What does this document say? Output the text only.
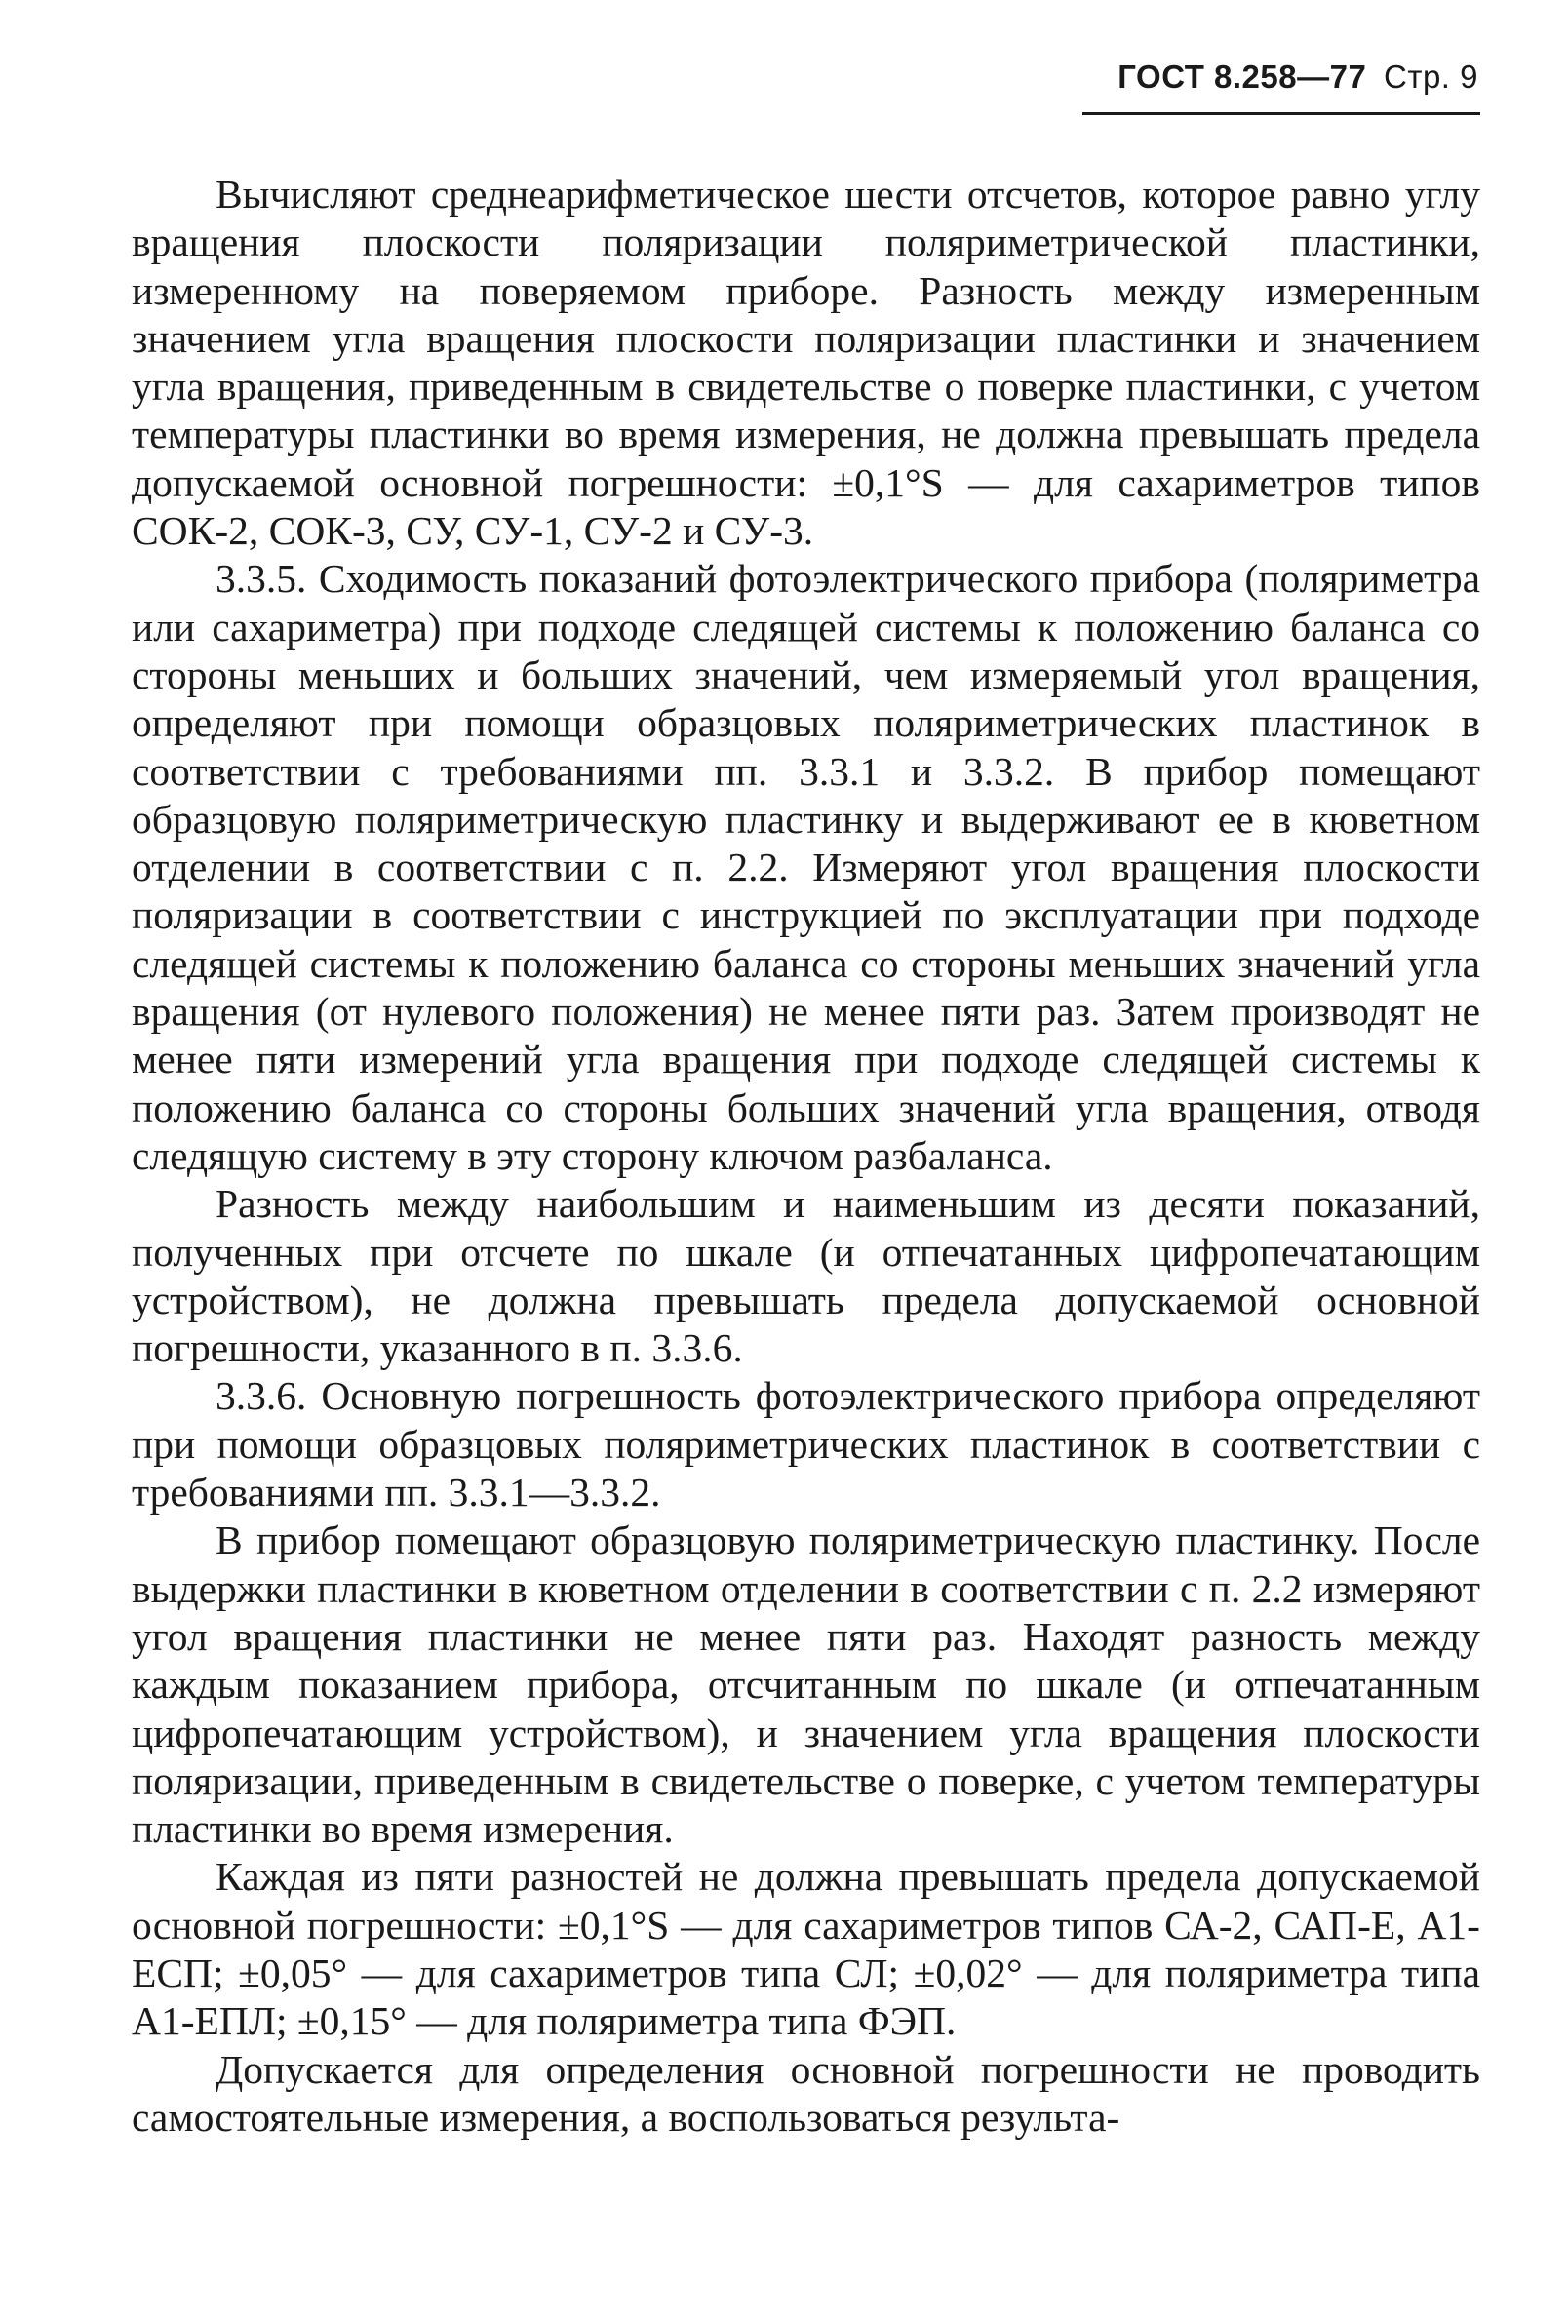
ГОСТ 8.258—77 Стр. 9

Вычисляют среднеарифметическое шести отсчетов, которое равно углу вращения плоскости поляризации поляриметрической пластинки, измеренному на поверяемом приборе. Разность между измеренным значением угла вращения плоскости поляризации пластинки и значением угла вращения, приведенным в свидетельстве о поверке пластинки, с учетом температуры пластинки во время измерения, не должна превышать предела допускаемой основной погрешности: ±0,1°S — для сахариметров типов СОК-2, СОК-3, СУ, СУ-1, СУ-2 и СУ-3.

3.3.5. Сходимость показаний фотоэлектрического прибора (поляриметра или сахариметра) при подходе следящей системы к положению баланса со стороны меньших и больших значений, чем измеряемый угол вращения, определяют при помощи образцовых поляриметрических пластинок в соответствии с требованиями пп. 3.3.1 и 3.3.2. В прибор помещают образцовую поляриметрическую пластинку и выдерживают ее в кюветном отделении в соответствии с п. 2.2. Измеряют угол вращения плоскости поляризации в соответствии с инструкцией по эксплуатации при подходе следящей системы к положению баланса со стороны меньших значений угла вращения (от нулевого положения) не менее пяти раз. Затем производят не менее пяти измерений угла вращения при подходе следящей системы к положению баланса со стороны больших значений угла вращения, отводя следящую систему в эту сторону ключом разбаланса.

Разность между наибольшим и наименьшим из десяти показаний, полученных при отсчете по шкале (и отпечатанных цифропечатающим устройством), не должна превышать предела допускаемой основной погрешности, указанного в п. 3.3.6.

3.3.6. Основную погрешность фотоэлектрического прибора определяют при помощи образцовых поляриметрических пластинок в соответствии с требованиями пп. 3.3.1—3.3.2.

В прибор помещают образцовую поляриметрическую пластинку. После выдержки пластинки в кюветном отделении в соответствии с п. 2.2 измеряют угол вращения пластинки не менее пяти раз. Находят разность между каждым показанием прибора, отсчитанным по шкале (и отпечатанным цифропечатающим устройством), и значением угла вращения плоскости поляризации, приведенным в свидетельстве о поверке, с учетом температуры пластинки во время измерения.

Каждая из пяти разностей не должна превышать предела допускаемой основной погрешности: ±0,1°S — для сахариметров типов СА-2, САП-Е, А1-ЕСП; ±0,05° — для сахариметров типа СЛ; ±0,02° — для поляриметра типа А1-ЕПЛ; ±0,15° — для поляриметра типа ФЭП.

Допускается для определения основной погрешности не проводить самостоятельные измерения, а воспользоваться результа-
